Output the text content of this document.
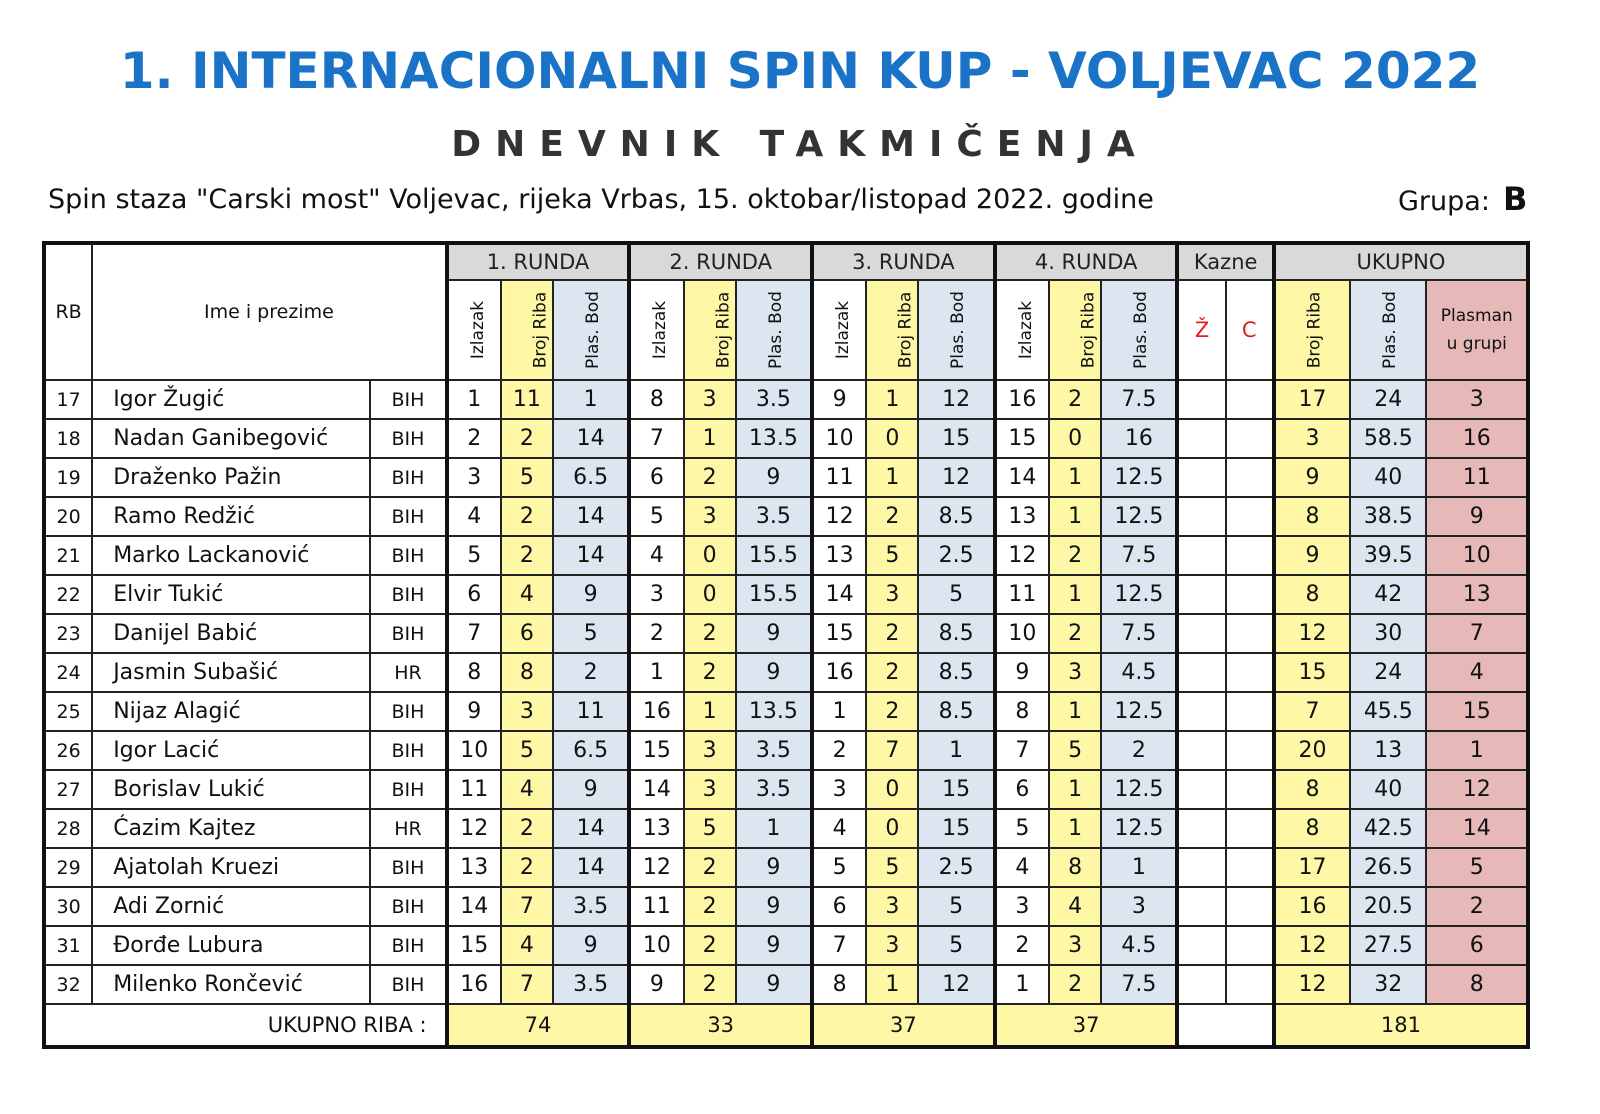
1. INTERNACIONALNI SPIN KUP - VOLJEVAC 2022
DNEVNIK TAKMIČENJA
Spin staza "Carski most" Voljevac, rijeka Vrbas, 15. oktobar/listopad 2022. godine	Grupa: B
RB	Ime i prezime		1. RUNDA			2. RUNDA			3. RUNDA			4. RUNDA			Kazne		UKUPNO		
			Izlazak	Broj Riba	Plas. Bod	Izlazak	Broj Riba	Plas. Bod	Izlazak	Broj Riba	Plas. Bod	Izlazak	Broj Riba	Plas. Bod	Ž	C	Broj Riba	Plas. Bod	Plasman
u grupi

17	Igor Žugić	BIH	1	11	1	8	3	3.5	9	1	12	16	2	7.5			17	24	3
18	Nadan Ganibegović	BIH	2	2	14	7	1	13.5	10	0	15	15	0	16			3	58.5	16
19	Draženko Pažin	BIH	3	5	6.5	6	2	9	11	1	12	14	1	12.5			9	40	11
20	Ramo Redžić	BIH	4	2	14	5	3	3.5	12	2	8.5	13	1	12.5			8	38.5	9
21	Marko Lackanović	BIH	5	2	14	4	0	15.5	13	5	2.5	12	2	7.5			9	39.5	10
22	Elvir Tukić	BIH	6	4	9	3	0	15.5	14	3	5	11	1	12.5			8	42	13
23	Danijel Babić	BIH	7	6	5	2	2	9	15	2	8.5	10	2	7.5			12	30	7
24	Jasmin Subašić	HR	8	8	2	1	2	9	16	2	8.5	9	3	4.5			15	24	4
25	Nijaz Alagić	BIH	9	3	11	16	1	13.5	1	2	8.5	8	1	12.5			7	45.5	15
26	Igor Lacić	BIH	10	5	6.5	15	3	3.5	2	7	1	7	5	2			20	13	1
27	Borislav Lukić	BIH	11	4	9	14	3	3.5	3	0	15	6	1	12.5			8	40	12
28	Ćazim Kajtez	HR	12	2	14	13	5	1	4	0	15	5	1	12.5			8	42.5	14
29	Ajatolah Kruezi	BIH	13	2	14	12	2	9	5	5	2.5	4	8	1			17	26.5	5
30	Adi Zornić	BIH	14	7	3.5	11	2	9	6	3	5	3	4	3			16	20.5	2
31	Đorđe Lubura	BIH	15	4	9	10	2	9	7	3	5	2	3	4.5			12	27.5	6
32	Milenko Rončević	BIH	16	7	3.5	9	2	9	8	1	12	1	2	7.5			12	32	8
UKUPNO RIBA :			74			33			37			37					181		
